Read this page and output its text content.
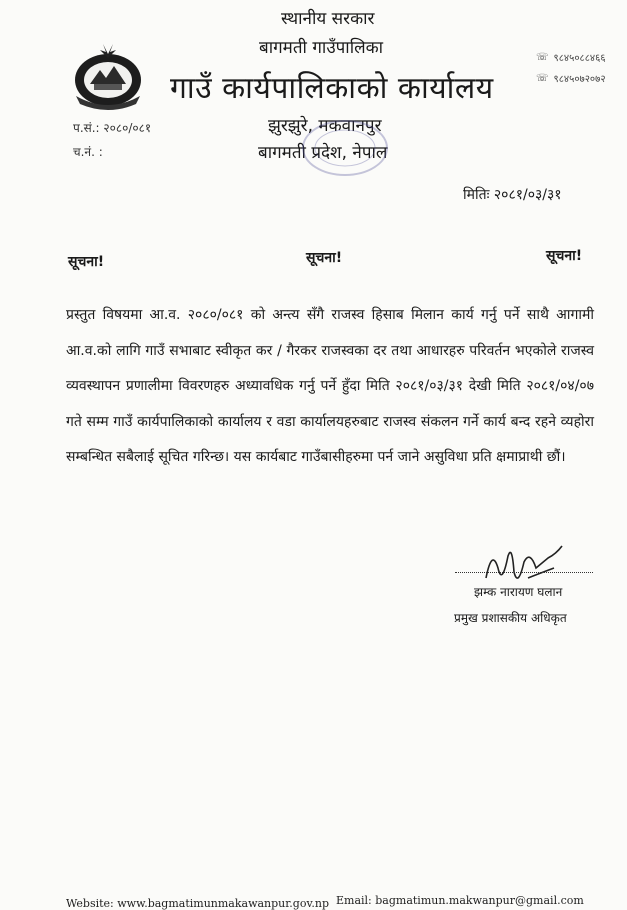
स्थानीय सरकार
बागमती गाउँपालिका
गाउँ कार्यपालिकाको कार्यालय
झुरझुरे, मकवानपुर
बागमती प्रदेश, नेपाल
☏ ९८४५०८८४६६
☏ ९८४५०७२०७२
प.सं.: २०८०/०८१
च.नं. :
मितिः २०८१/०३/३१
सूचना!	सूचना!	सूचना!
प्रस्तुत विषयमा आ.व. २०८०/०८१ को अन्त्य सँगै राजस्व हिसाब मिलान कार्य गर्नु पर्ने साथै आगामी आ.व.को लागि गाउँ सभाबाट स्वीकृत कर / गैरकर राजस्वका दर तथा आधारहरु परिवर्तन भएकोले राजस्व व्यवस्थापन प्रणालीमा विवरणहरु अध्यावधिक गर्नु पर्ने हुँदा मिति २०८१/०३/३१ देखी मिति २०८१/०४/०७ गते सम्म गाउँ कार्यपालिकाको कार्यालय र वडा कार्यालयहरुबाट राजस्व संकलन गर्ने कार्य बन्द रहने व्यहोरा सम्बन्धित सबैलाई सूचित गरिन्छ। यस कार्यबाट गाउँबासीहरुमा पर्न जाने असुविधा प्रति क्षमाप्राथी छौं।
झम्क नारायण घलान
प्रमुख प्रशासकीय अधिकृत
Website: www.bagmatimunmakawanpur.gov.np Email: bagmatimun.makwanpur@gmail.com
